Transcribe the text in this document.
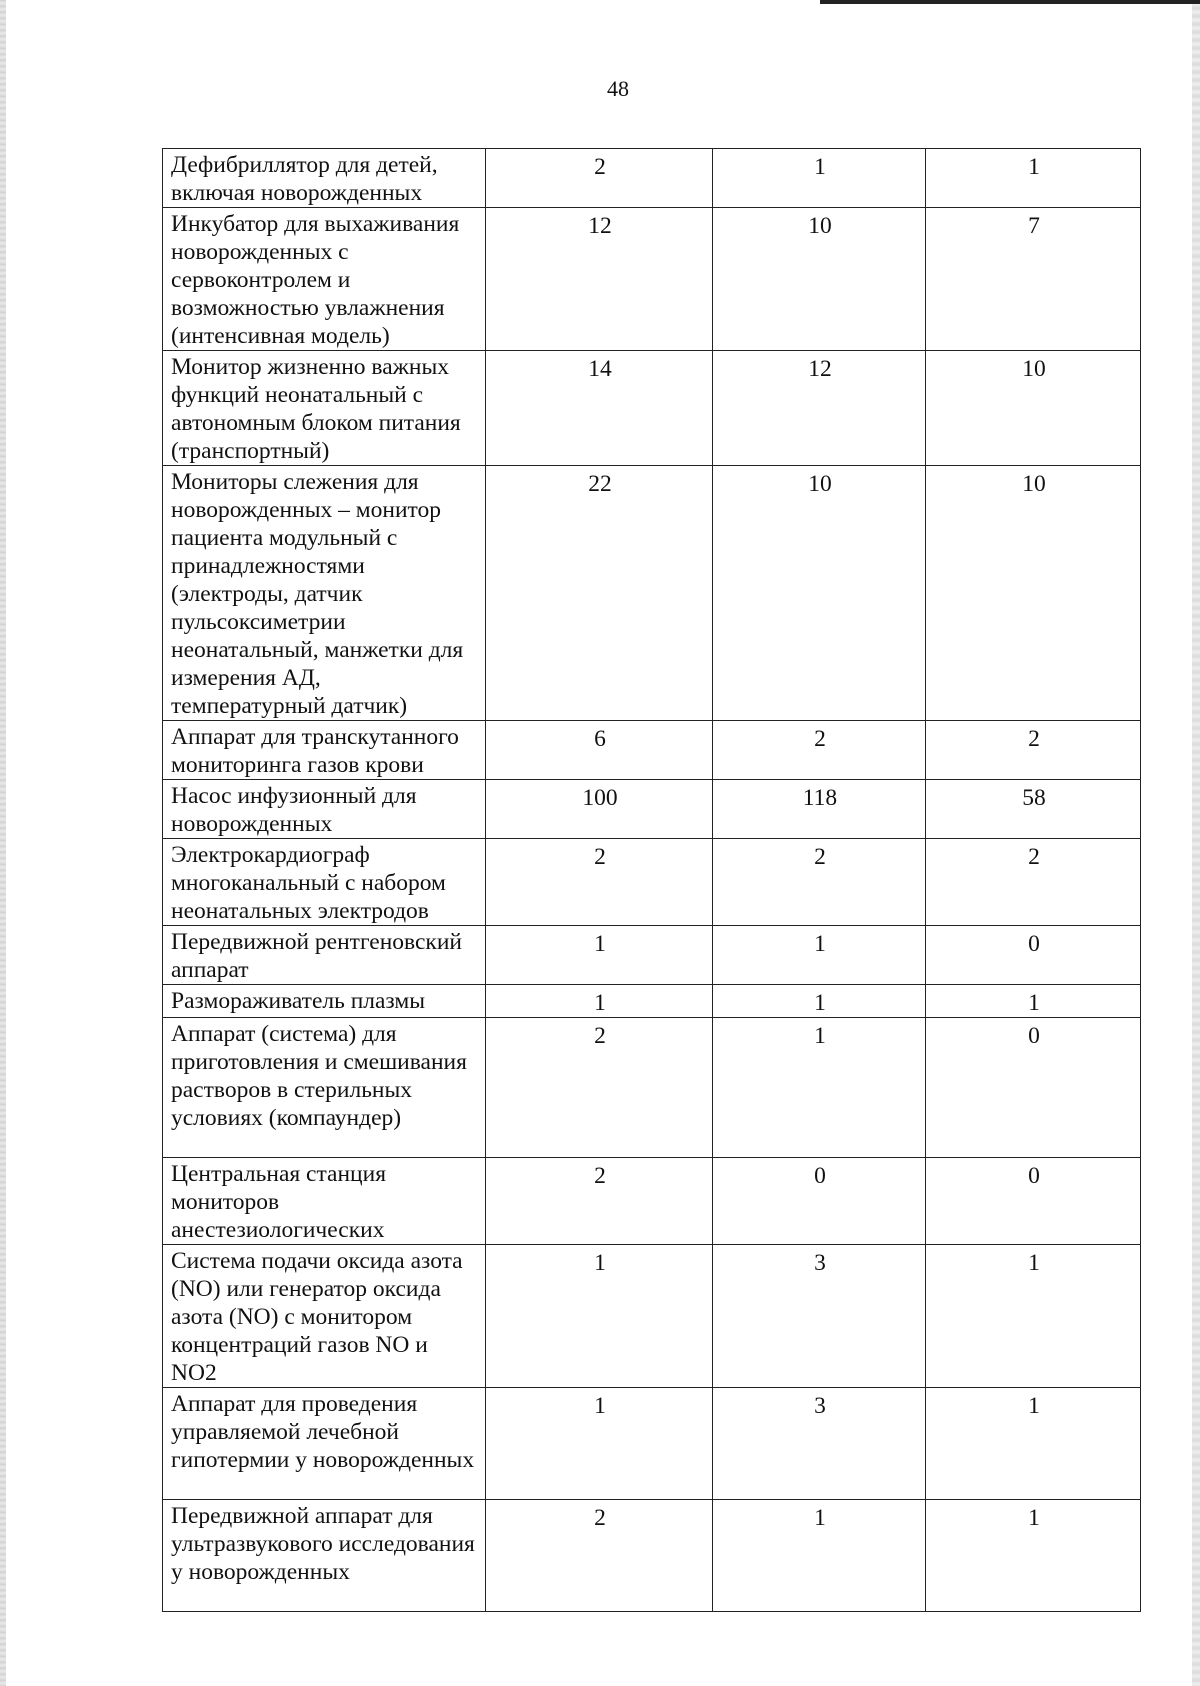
48
Дефибриллятор для детей, включая новорожденных	2	1	1
Инкубатор для выхаживания новорожденных с сервоконтролем и возможностью увлажнения (интенсивная модель)	12	10	7
Монитор жизненно важных функций неонатальный с автономным блоком питания (транспортный)	14	12	10
Мониторы слежения для новорожденных – монитор пациента модульный с принадлежностями (электроды, датчик пульсоксиметрии неонатальный, манжетки для измерения АД, температурный датчик)	22	10	10
Аппарат для транскутанного мониторинга газов крови	6	2	2
Насос инфузионный для новорожденных	100	118	58
Электрокардиограф многоканальный с набором неонатальных электродов	2	2	2
Передвижной рентгеновский аппарат	1	1	0
Размораживатель плазмы	1	1	1
Аппарат (система) для приготовления и смешивания растворов в стерильных условиях (компаундер)	2	1	0
Центральная станция мониторов анестезиологических	2	0	0
Система подачи оксида азота (NO) или генератор оксида азота (NO) с монитором концентраций газов NO и NO2	1	3	1
Аппарат для проведения управляемой лечебной гипотермии у новорожденных	1	3	1
Передвижной аппарат для ультразвукового исследования у новорожденных	2	1	1
